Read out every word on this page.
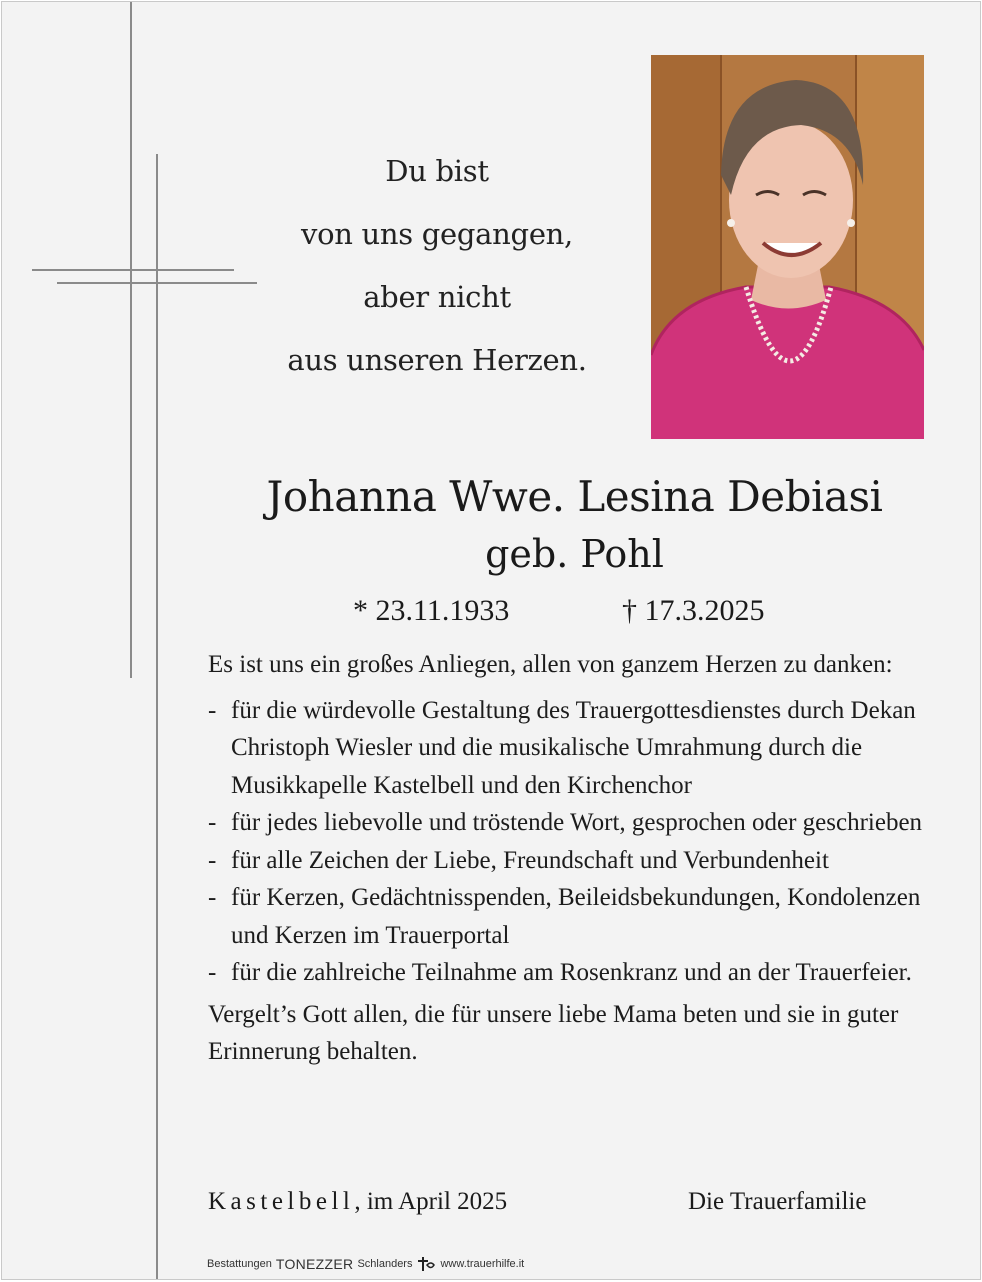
Du bist
von uns gegangen,
aber nicht
aus unseren Herzen.
Johanna Wwe. Lesina Debiasi
geb. Pohl
* 23.11.1933	† 17.3.2025

Es ist uns ein großes Anliegen, allen von ganzem Herzen zu danken:

- für die würdevolle Gestaltung des Trauergottesdienstes durch Dekan Christoph Wiesler und die musikalische Umrahmung durch die Musikkapelle Kastelbell und den Kirchenchor
- für jedes liebevolle und tröstende Wort, gesprochen oder geschrieben
- für alle Zeichen der Liebe, Freundschaft und Verbundenheit
- für Kerzen, Gedächtnisspenden, Beileidsbekundungen, Kondolenzen und Kerzen im Trauerportal
- für die zahlreiche Teilnahme am Rosenkranz und an der Trauerfeier.

Vergelt’s Gott allen, die für unsere liebe Mama beten und sie in guter Erinnerung behalten.

Kastelbell, im April 2025	Die Trauerfamilie
Bestattungen TONEZZER Schlanders	www.trauerhilfe.it
